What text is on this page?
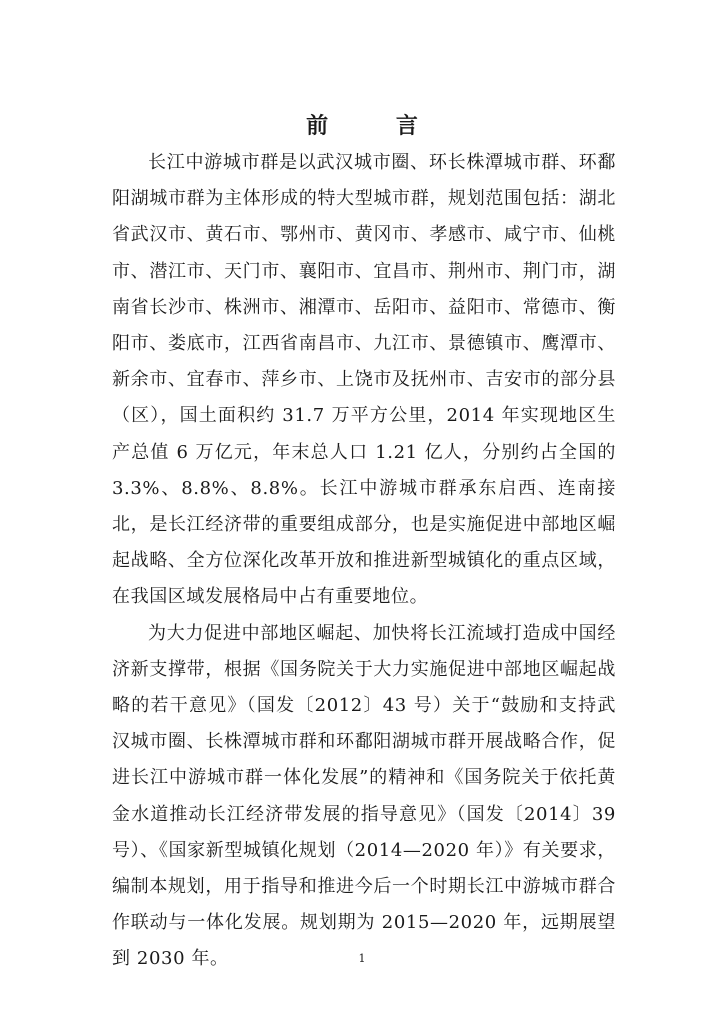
前 言

长江中游城市群是以武汉城市圈、环长株潭城市群、环鄱阳湖城市群为主体形成的特大型城市群，规划范围包括：湖北省武汉市、黄石市、鄂州市、黄冈市、孝感市、咸宁市、仙桃市、潜江市、天门市、襄阳市、宜昌市、荆州市、荆门市，湖南省长沙市、株洲市、湘潭市、岳阳市、益阳市、常德市、衡阳市、娄底市，江西省南昌市、九江市、景德镇市、鹰潭市、新余市、宜春市、萍乡市、上饶市及抚州市、吉安市的部分县（区），国土面积约 31.7 万平方公里，2014 年实现地区生产总值 6 万亿元，年末总人口 1.21 亿人，分别约占全国的 3.3%、8.8%、8.8%。长江中游城市群承东启西、连南接北，是长江经济带的重要组成部分，也是实施促进中部地区崛起战略、全方位深化改革开放和推进新型城镇化的重点区域，在我国区域发展格局中占有重要地位。

为大力促进中部地区崛起、加快将长江流域打造成中国经济新支撑带，根据《国务院关于大力实施促进中部地区崛起战略的若干意见》（国发〔2012〕43 号）关于“鼓励和支持武汉城市圈、长株潭城市群和环鄱阳湖城市群开展战略合作，促进长江中游城市群一体化发展”的精神和《国务院关于依托黄金水道推动长江经济带发展的指导意见》（国发〔2014〕39 号）、《国家新型城镇化规划（2014—2020 年）》有关要求，编制本规划，用于指导和推进今后一个时期长江中游城市群合作联动与一体化发展。规划期为 2015—2020 年，远期展望到 2030 年。	1
